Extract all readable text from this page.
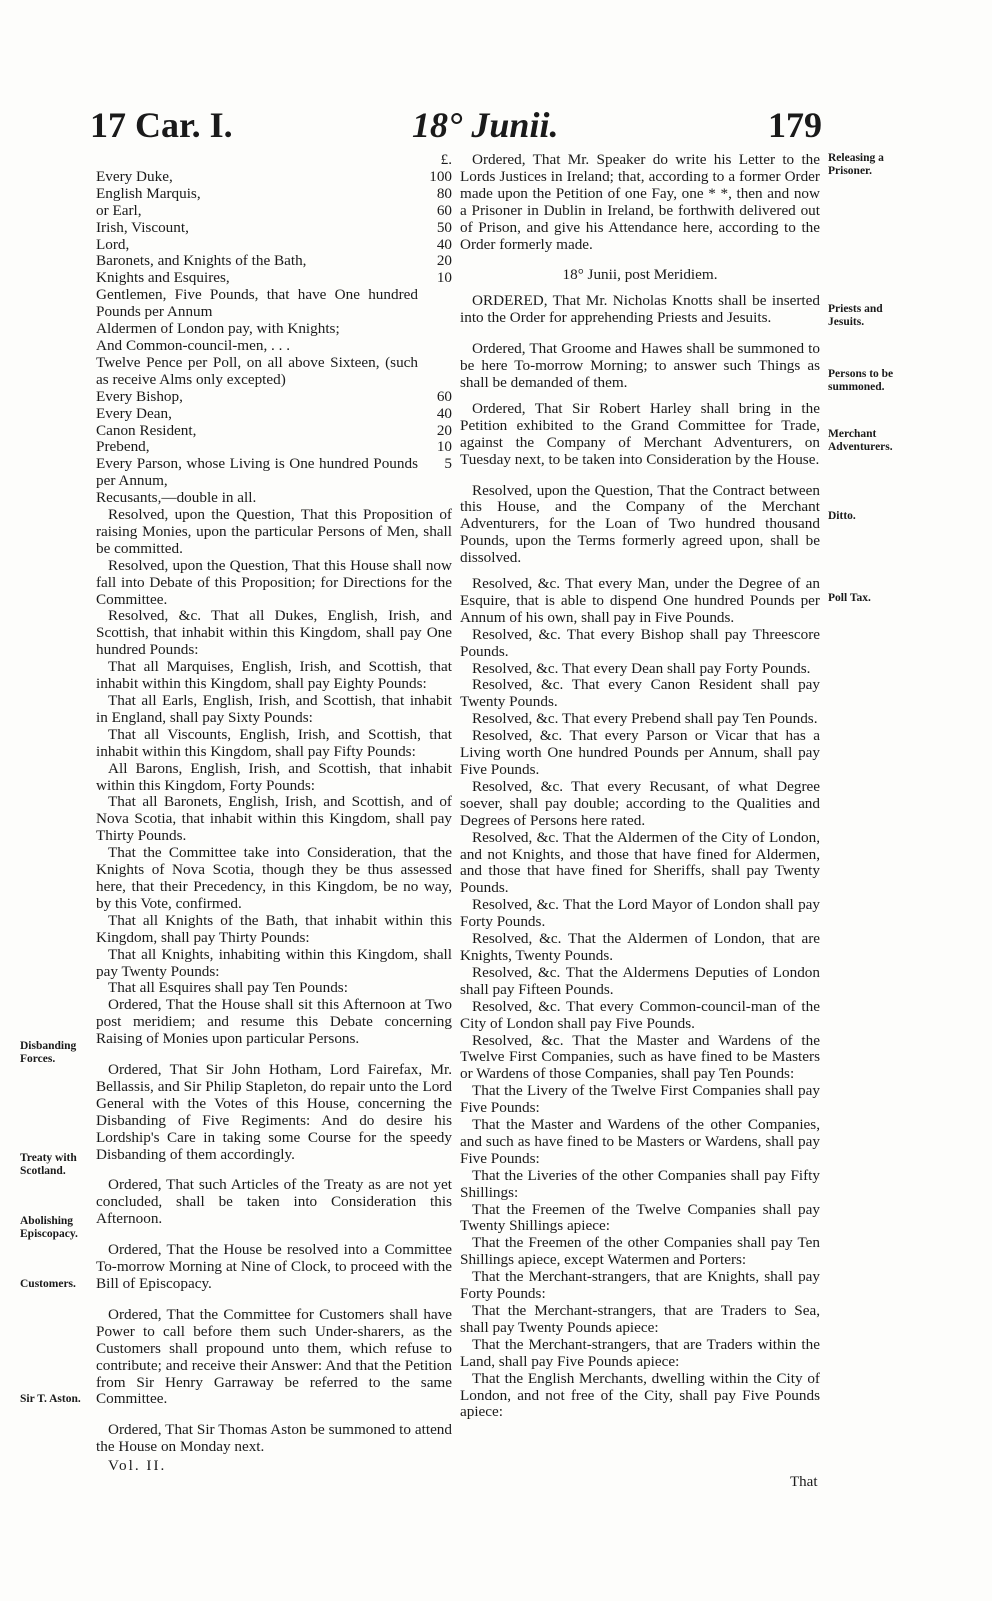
17 Car. I.	18° Junii.	179
£.
Every Duke,	100
English Marquis,	80
or Earl,	60
Irish, Viscount,	50
Lord,	40
Baronets, and Knights of the Bath,	20
Knights and Esquires,	10
Gentlemen, Five Pounds, that have One hundred Pounds per Annum	
Aldermen of London pay, with Knights;	
And Common-council-men, . . .	
Twelve Pence per Poll, on all above Sixteen, (such as receive Alms only excepted)	
Every Bishop,	60
Every Dean,	40
Canon Resident,	20
Prebend,	10
Every Parson, whose Living is One hundred Pounds per Annum,	5
Recusants,—double in all.	

Resolved, upon the Question, That this Proposition of raising Monies, upon the particular Persons of Men, shall be committed.

Resolved, upon the Question, That this House shall now fall into Debate of this Proposition; for Directions for the Committee.

Resolved, &c. That all Dukes, English, Irish, and Scottish, that inhabit within this Kingdom, shall pay One hundred Pounds:

That all Marquises, English, Irish, and Scottish, that inhabit within this Kingdom, shall pay Eighty Pounds:

That all Earls, English, Irish, and Scottish, that inhabit in England, shall pay Sixty Pounds:

That all Viscounts, English, Irish, and Scottish, that inhabit within this Kingdom, shall pay Fifty Pounds:

All Barons, English, Irish, and Scottish, that inhabit within this Kingdom, Forty Pounds:

That all Baronets, English, Irish, and Scottish, and of Nova Scotia, that inhabit within this Kingdom, shall pay Thirty Pounds.

That the Committee take into Consideration, that the Knights of Nova Scotia, though they be thus assessed here, that their Precedency, in this Kingdom, be no way, by this Vote, confirmed.

That all Knights of the Bath, that inhabit within this Kingdom, shall pay Thirty Pounds:

That all Knights, inhabiting within this Kingdom, shall pay Twenty Pounds:

That all Esquires shall pay Ten Pounds:

Ordered, That the House shall sit this Afternoon at Two post meridiem; and resume this Debate concerning Raising of Monies upon particular Persons.

Ordered, That Sir John Hotham, Lord Fairefax, Mr. Bellassis, and Sir Philip Stapleton, do repair unto the Lord General with the Votes of this House, concerning the Disbanding of Five Regiments: And do desire his Lordship's Care in taking some Course for the speedy Disbanding of them accordingly.

Ordered, That such Articles of the Treaty as are not yet concluded, shall be taken into Consideration this Afternoon.

Ordered, That the House be resolved into a Committee To-morrow Morning at Nine of Clock, to proceed with the Bill of Episcopacy.

Ordered, That the Committee for Customers shall have Power to call before them such Under-sharers, as the Customers shall propound unto them, which refuse to contribute; and receive their Answer: And that the Petition from Sir Henry Garraway be referred to the same Committee.

Ordered, That Sir Thomas Aston be summoned to attend the House on Monday next.

Vol. II.
Disbanding Forces.
Treaty with Scotland.
Abolishing Episcopacy.
Customers.
Sir T. Aston.

Ordered, That Mr. Speaker do write his Letter to the Lords Justices in Ireland; that, according to a former Order made upon the Petition of one Fay, one * *, then and now a Prisoner in Dublin in Ireland, be forthwith delivered out of Prison, and give his Attendance here, according to the Order formerly made.

18° Junii, post Meridiem.

ORDERED, That Mr. Nicholas Knotts shall be inserted into the Order for apprehending Priests and Jesuits.

Ordered, That Groome and Hawes shall be summoned to be here To-morrow Morning; to answer such Things as shall be demanded of them.

Ordered, That Sir Robert Harley shall bring in the Petition exhibited to the Grand Committee for Trade, against the Company of Merchant Adventurers, on Tuesday next, to be taken into Consideration by the House.

Resolved, upon the Question, That the Contract between this House, and the Company of the Merchant Adventurers, for the Loan of Two hundred thousand Pounds, upon the Terms formerly agreed upon, shall be dissolved.

Resolved, &c. That every Man, under the Degree of an Esquire, that is able to dispend One hundred Pounds per Annum of his own, shall pay in Five Pounds.

Resolved, &c. That every Bishop shall pay Threescore Pounds.

Resolved, &c. That every Dean shall pay Forty Pounds.

Resolved, &c. That every Canon Resident shall pay Twenty Pounds.

Resolved, &c. That every Prebend shall pay Ten Pounds.

Resolved, &c. That every Parson or Vicar that has a Living worth One hundred Pounds per Annum, shall pay Five Pounds.

Resolved, &c. That every Recusant, of what Degree soever, shall pay double; according to the Qualities and Degrees of Persons here rated.

Resolved, &c. That the Aldermen of the City of London, and not Knights, and those that have fined for Aldermen, and those that have fined for Sheriffs, shall pay Twenty Pounds.

Resolved, &c. That the Lord Mayor of London shall pay Forty Pounds.

Resolved, &c. That the Aldermen of London, that are Knights, Twenty Pounds.

Resolved, &c. That the Aldermens Deputies of London shall pay Fifteen Pounds.

Resolved, &c. That every Common-council-man of the City of London shall pay Five Pounds.

Resolved, &c. That the Master and Wardens of the Twelve First Companies, such as have fined to be Masters or Wardens of those Companies, shall pay Ten Pounds:

That the Livery of the Twelve First Companies shall pay Five Pounds:

That the Master and Wardens of the other Companies, and such as have fined to be Masters or Wardens, shall pay Five Pounds:

That the Liveries of the other Companies shall pay Fifty Shillings:

That the Freemen of the Twelve Companies shall pay Twenty Shillings apiece:

That the Freemen of the other Companies shall pay Ten Shillings apiece, except Watermen and Porters:

That the Merchant-strangers, that are Knights, shall pay Forty Pounds:

That the Merchant-strangers, that are Traders to Sea, shall pay Twenty Pounds apiece:

That the Merchant-strangers, that are Traders within the Land, shall pay Five Pounds apiece:

That the English Merchants, dwelling within the City of London, and not free of the City, shall pay Five Pounds apiece:

Releasing a Prisoner.
Priests and Jesuits.
Persons to be summoned.
Merchant Adventurers.
Ditto.
Poll Tax.
That
